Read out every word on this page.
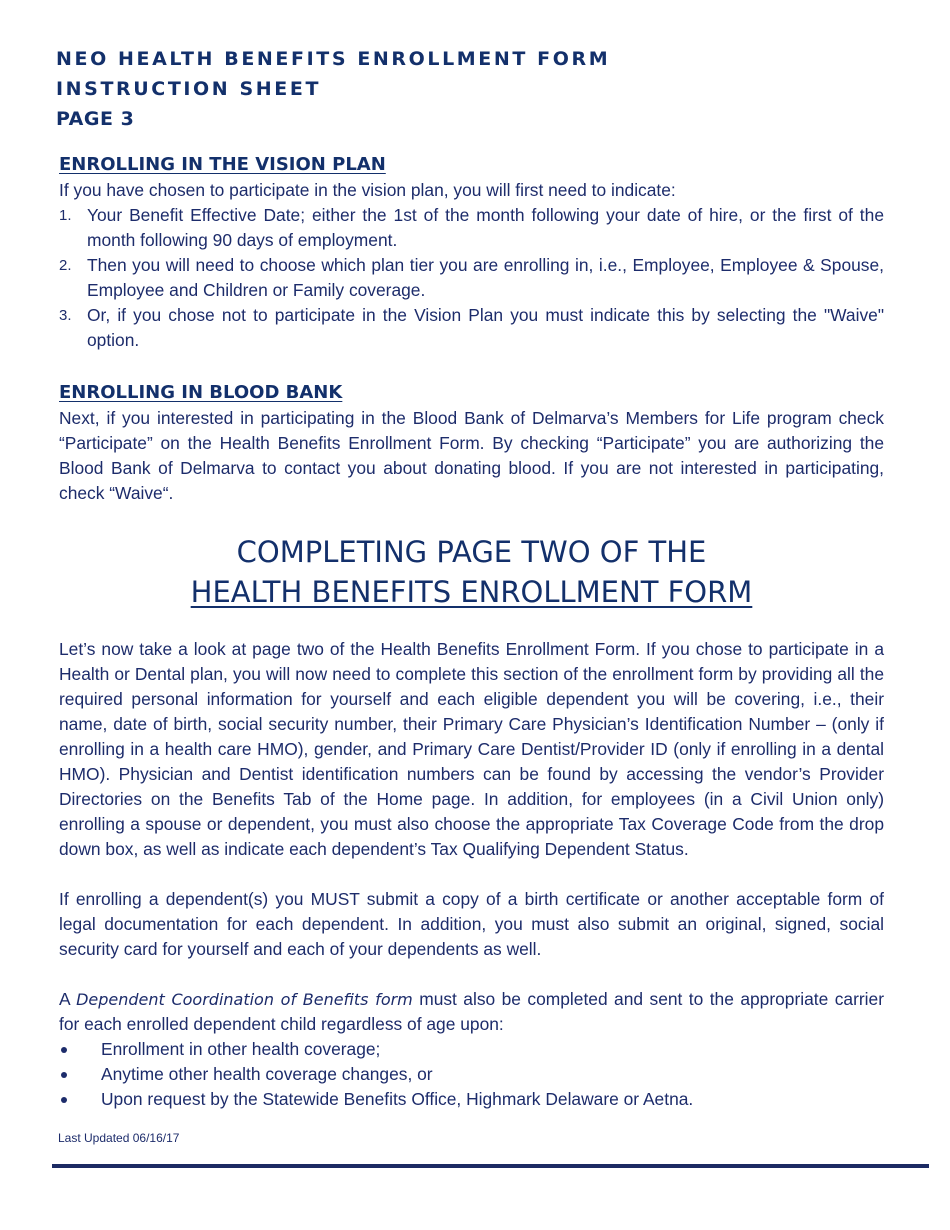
NEO HEALTH BENEFITS ENROLLMENT FORM
INSTRUCTION SHEET
PAGE 3
ENROLLING IN THE VISION PLAN

If you have chosen to participate in the vision plan, you will first need to indicate:

1. Your Benefit Effective Date; either the 1st of the month following your date of hire, or the first of the month following 90 days of employment.
2. Then you will need to choose which plan tier you are enrolling in, i.e., Employee, Employee & Spouse, Employee and Children or Family coverage.
3. Or, if you chose not to participate in the Vision Plan you must indicate this by selecting the "Waive" option.
ENROLLING IN BLOOD BANK

Next, if you interested in participating in the Blood Bank of Delmarva’s Members for Life program check “Participate” on the Health Benefits Enrollment Form. By checking “Participate” you are authorizing the Blood Bank of Delmarva to contact you about donating blood. If you are not interested in participating, check “Waive“.

COMPLETING PAGE TWO OF THE
HEALTH BENEFITS ENROLLMENT FORM

Let’s now take a look at page two of the Health Benefits Enrollment Form. If you chose to participate in a Health or Dental plan, you will now need to complete this section of the enrollment form by providing all the required personal information for yourself and each eligible dependent you will be covering, i.e., their name, date of birth, social security number, their Primary Care Physician’s Identification Number – (only if enrolling in a health care HMO), gender, and Primary Care Dentist/Provider ID (only if enrolling in a dental HMO). Physician and Dentist identification numbers can be found by accessing the vendor’s Provider Directories on the Benefits Tab of the Home page. In addition, for employees (in a Civil Union only) enrolling a spouse or dependent, you must also choose the appropriate Tax Coverage Code from the drop down box, as well as indicate each dependent’s Tax Qualifying Dependent Status.

If enrolling a dependent(s) you MUST submit a copy of a birth certificate or another acceptable form of legal documentation for each dependent. In addition, you must also submit an original, signed, social security card for yourself and each of your dependents as well.

A Dependent Coordination of Benefits form must also be completed and sent to the appropriate carrier for each enrolled dependent child regardless of age upon:

Enrollment in other health coverage;
Anytime other health coverage changes, or
Upon request by the Statewide Benefits Office, Highmark Delaware or Aetna.
Last Updated 06/16/17
